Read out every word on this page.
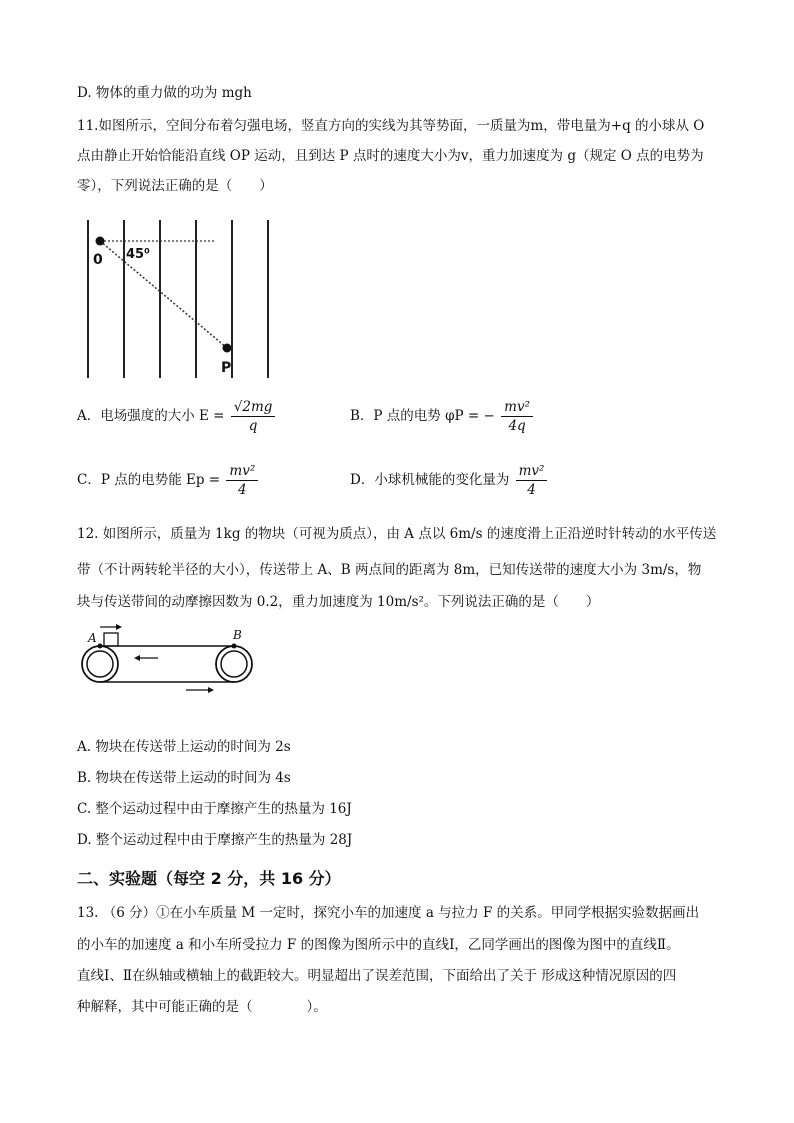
D. 物体的重力做的功为 mgh
11.如图所示，空间分布着匀强电场，竖直方向的实线为其等势面，一质量为m，带电量为+q 的小球从 O
点由静止开始恰能沿直线 OP 运动，且到达 P 点时的速度大小为v，重力加速度为 g（规定 O 点的电势为
零），下列说法正确的是（　　）
0 45⁰
P
A．电场强度的大小 $E = \frac{√2mg}{q}$	B．P 点的电势 φP = − $\frac{\text{mv²}}{4q}$
C．P 点的电势能 $Ep = \frac{\text{mv²}}{4}$	D．小球机械能的变化量为 $\frac{\text{mv²}}{4}$
12. 如图所示，质量为 1kg 的物块（可视为质点），由 A 点以 6m/s 的速度滑上正沿逆时针转动的水平传送
带（不计两转轮半径的大小），传送带上 A、B 两点间的距离为 8m，已知传送带的速度大小为 3m/s，物
块与传送带间的动摩擦因数为 0.2，重力加速度为 10m/s²。下列说法正确的是（　　）
A	B
A. 物块在传送带上运动的时间为 2s
B. 物块在传送带上运动的时间为 4s
C. 整个运动过程中由于摩擦产生的热量为 16J
D. 整个运动过程中由于摩擦产生的热量为 28J
二、实验题（每空 2 分，共 16 分）
13. （6 分）①在小车质量 M 一定时，探究小车的加速度 a 与拉力 F 的关系。甲同学根据实验数据画出
的小车的加速度 a 和小车所受拉力 F 的图像为图所示中的直线Ⅰ，乙同学画出的图像为图中的直线Ⅱ。
直线Ⅰ、Ⅱ在纵轴或横轴上的截距较大。明显超出了误差范围，下面给出了关于 形成这种情况原因的四
种解释，其中可能正确的是（　　　　）。
